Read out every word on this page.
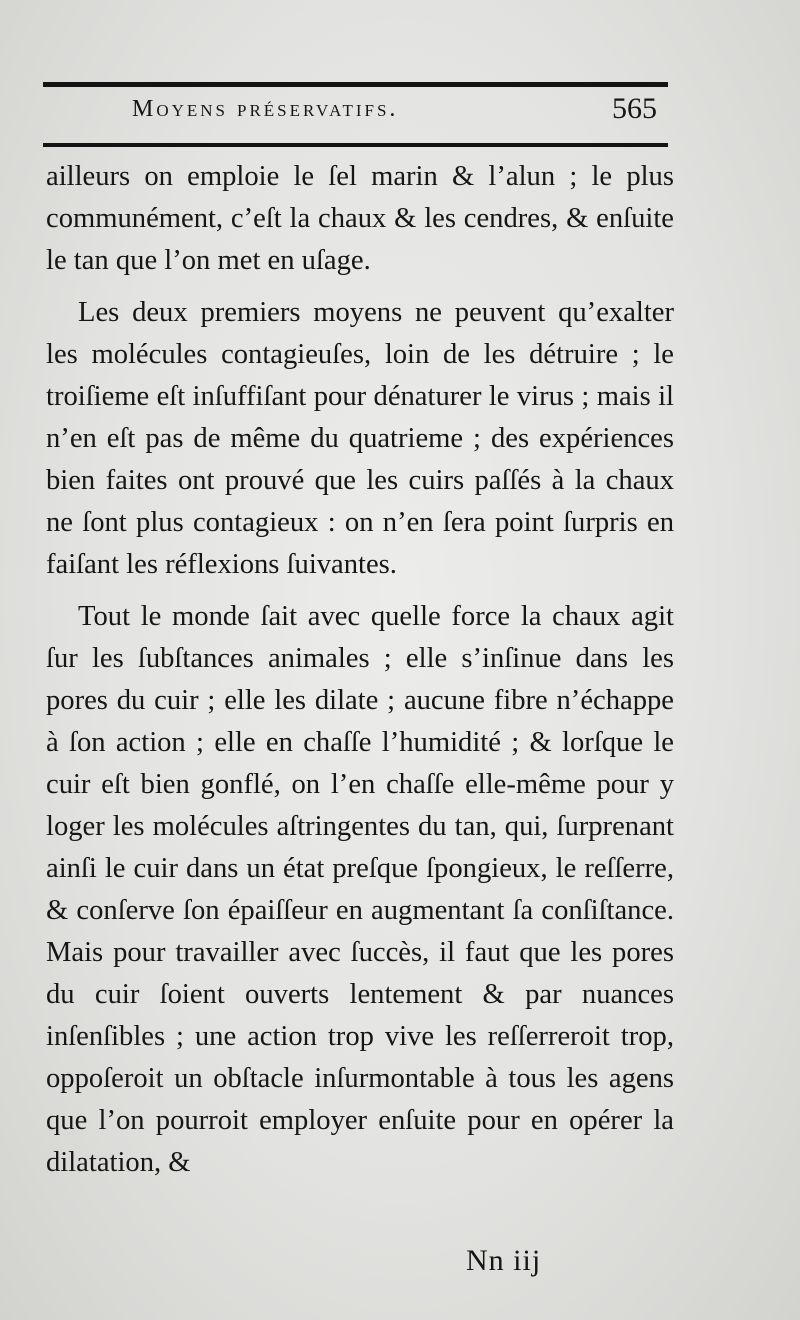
Moyens préservatifs.	565

ailleurs on emploie le ſel marin & l’alun ; le plus communément, c’eſt la chaux & les cendres, & enſuite le tan que l’on met en uſage.

Les deux premiers moyens ne peuvent qu’exalter les molécules contagieuſes, loin de les détruire ; le troiſieme eſt inſuffiſant pour dénaturer le virus ; mais il n’en eſt pas de même du quatrieme ; des expériences bien faites ont prouvé que les cuirs paſſés à la chaux ne ſont plus contagieux : on n’en ſera point ſurpris en faiſant les réflexions ſuivantes.

Tout le monde ſait avec quelle force la chaux agit ſur les ſubſtances animales ; elle s’inſinue dans les pores du cuir ; elle les dilate ; aucune fibre n’échappe à ſon action ; elle en chaſſe l’humidité ; & lorſque le cuir eſt bien gonflé, on l’en chaſſe elle-même pour y loger les molécules aſtringentes du tan, qui, ſurprenant ainſi le cuir dans un état preſque ſpongieux, le reſſerre, & conſerve ſon épaiſſeur en augmentant ſa conſiſtance. Mais pour travailler avec ſuccès, il faut que les pores du cuir ſoient ouverts lentement & par nuances inſenſibles ; une action trop vive les reſſerreroit trop, oppoſeroit un obſtacle inſurmontable à tous les agens que l’on pourroit employer enſuite pour en opérer la dilatation, &

Nn iij
